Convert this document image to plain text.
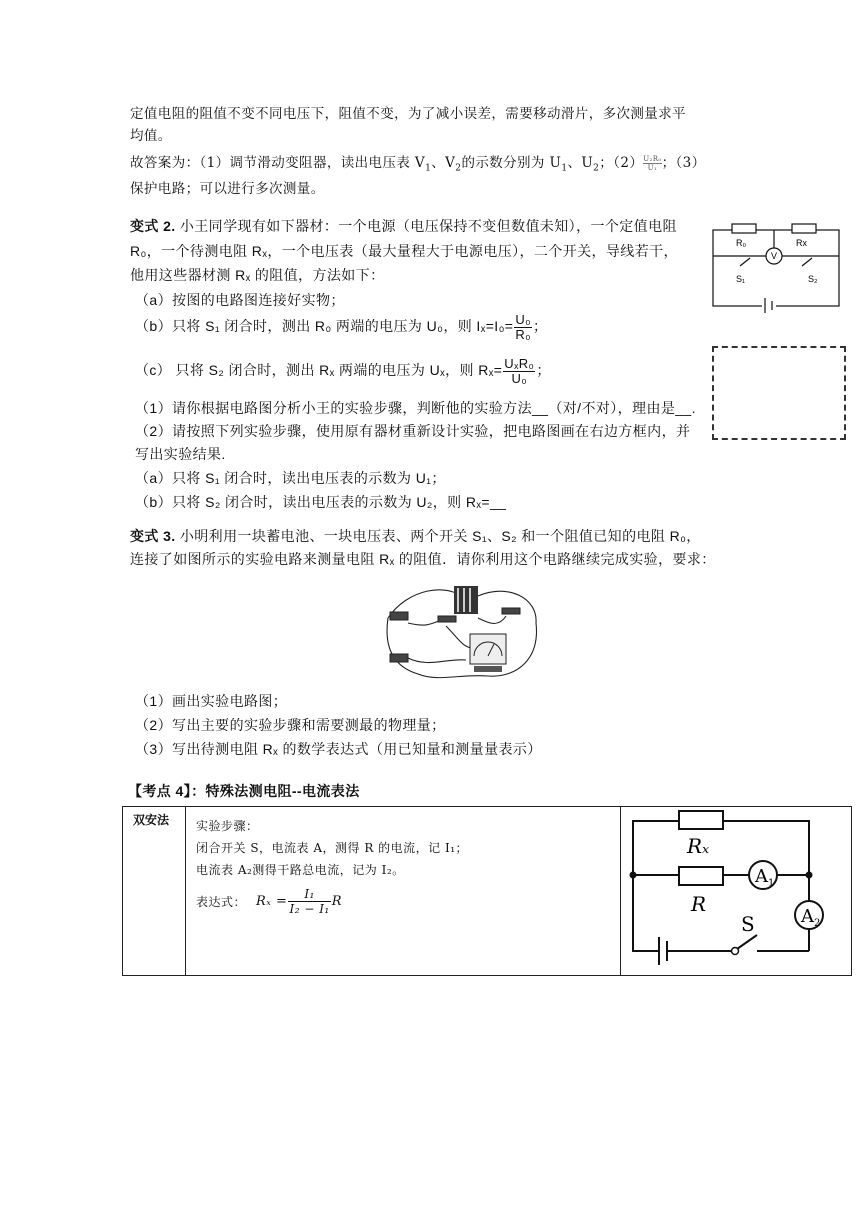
定值电阻的阻值不变不同电压下，阻值不变，为了减小误差，需要移动滑片，多次测量求平
均值。
故答案为：（1）调节滑动变阻器，读出电压表 $V_1$、$V_2$的示数分别为 $U_1$、$U_2$；$(2) \frac{\text{U₂R₀}}{\text{U₁}}$；（3）
保护电路；可以进行多次测量。
变式 2. 小王同学现有如下器材：一个电源（电压保持不变但数值未知），一个定值电阻
R₀，一个待测电阻 Rₓ，一个电压表（最大量程大于电源电压），二个开关，导线若干，
他用这些器材测 Rₓ 的阻值，方法如下：
（a）按图的电路图连接好实物；
（b）只将 S₁ 闭合时，测出 R₀ 两端的电压为 U₀，则 $I_x=I_0= \frac{\text{U₀}}{\text{R₀}}$ ；
（c） 只将 S₂ 闭合时，测出 Rₓ 两端的电压为 Uₓ，则 $R_x= \frac{\text{UₓR₀}}{\text{U₀}}$ ；
（1）请你根据电路图分析小王的实验步骤，判断他的实验方法__（对/不对），理由是__.
（2）请按照下列实验步骤，使用原有器材重新设计实验，把电路图画在右边方框内，并
写出实验结果.
（a）只将 S₁ 闭合时，读出电压表的示数为 U₁；
（b）只将 S₂ 闭合时，读出电压表的示数为 U₂，则 Rₓ=__
R₀	Rx
V
S₁	S₂
变式 3. 小明利用一块蓄电池、一块电压表、两个开关 S₁、S₂ 和一个阻值已知的电阻 R₀，
连接了如图所示的实验电路来测量电阻 Rₓ 的阻值．请你利用这个电路继续完成实验，要求：
（1）画出实验电路图；
（2）写出主要的实验步骤和需要测最的物理量；
（3）写出待测电阻 Rₓ 的数学表达式（用已知量和测量量表示）
【考点 4】：特殊法测电阻--电流表法
双安法	实验步骤：
闭合开关 S，电流表 A，测得 R 的电流，记 I₁；
电流表 A₂测得干路总电流，记为 I₂。
表达式： $R_x = \frac{\text{I₁}}{\text{I₂ − I₁}}$ R

Rₓ
R
$A_1$
$A_2$
S
